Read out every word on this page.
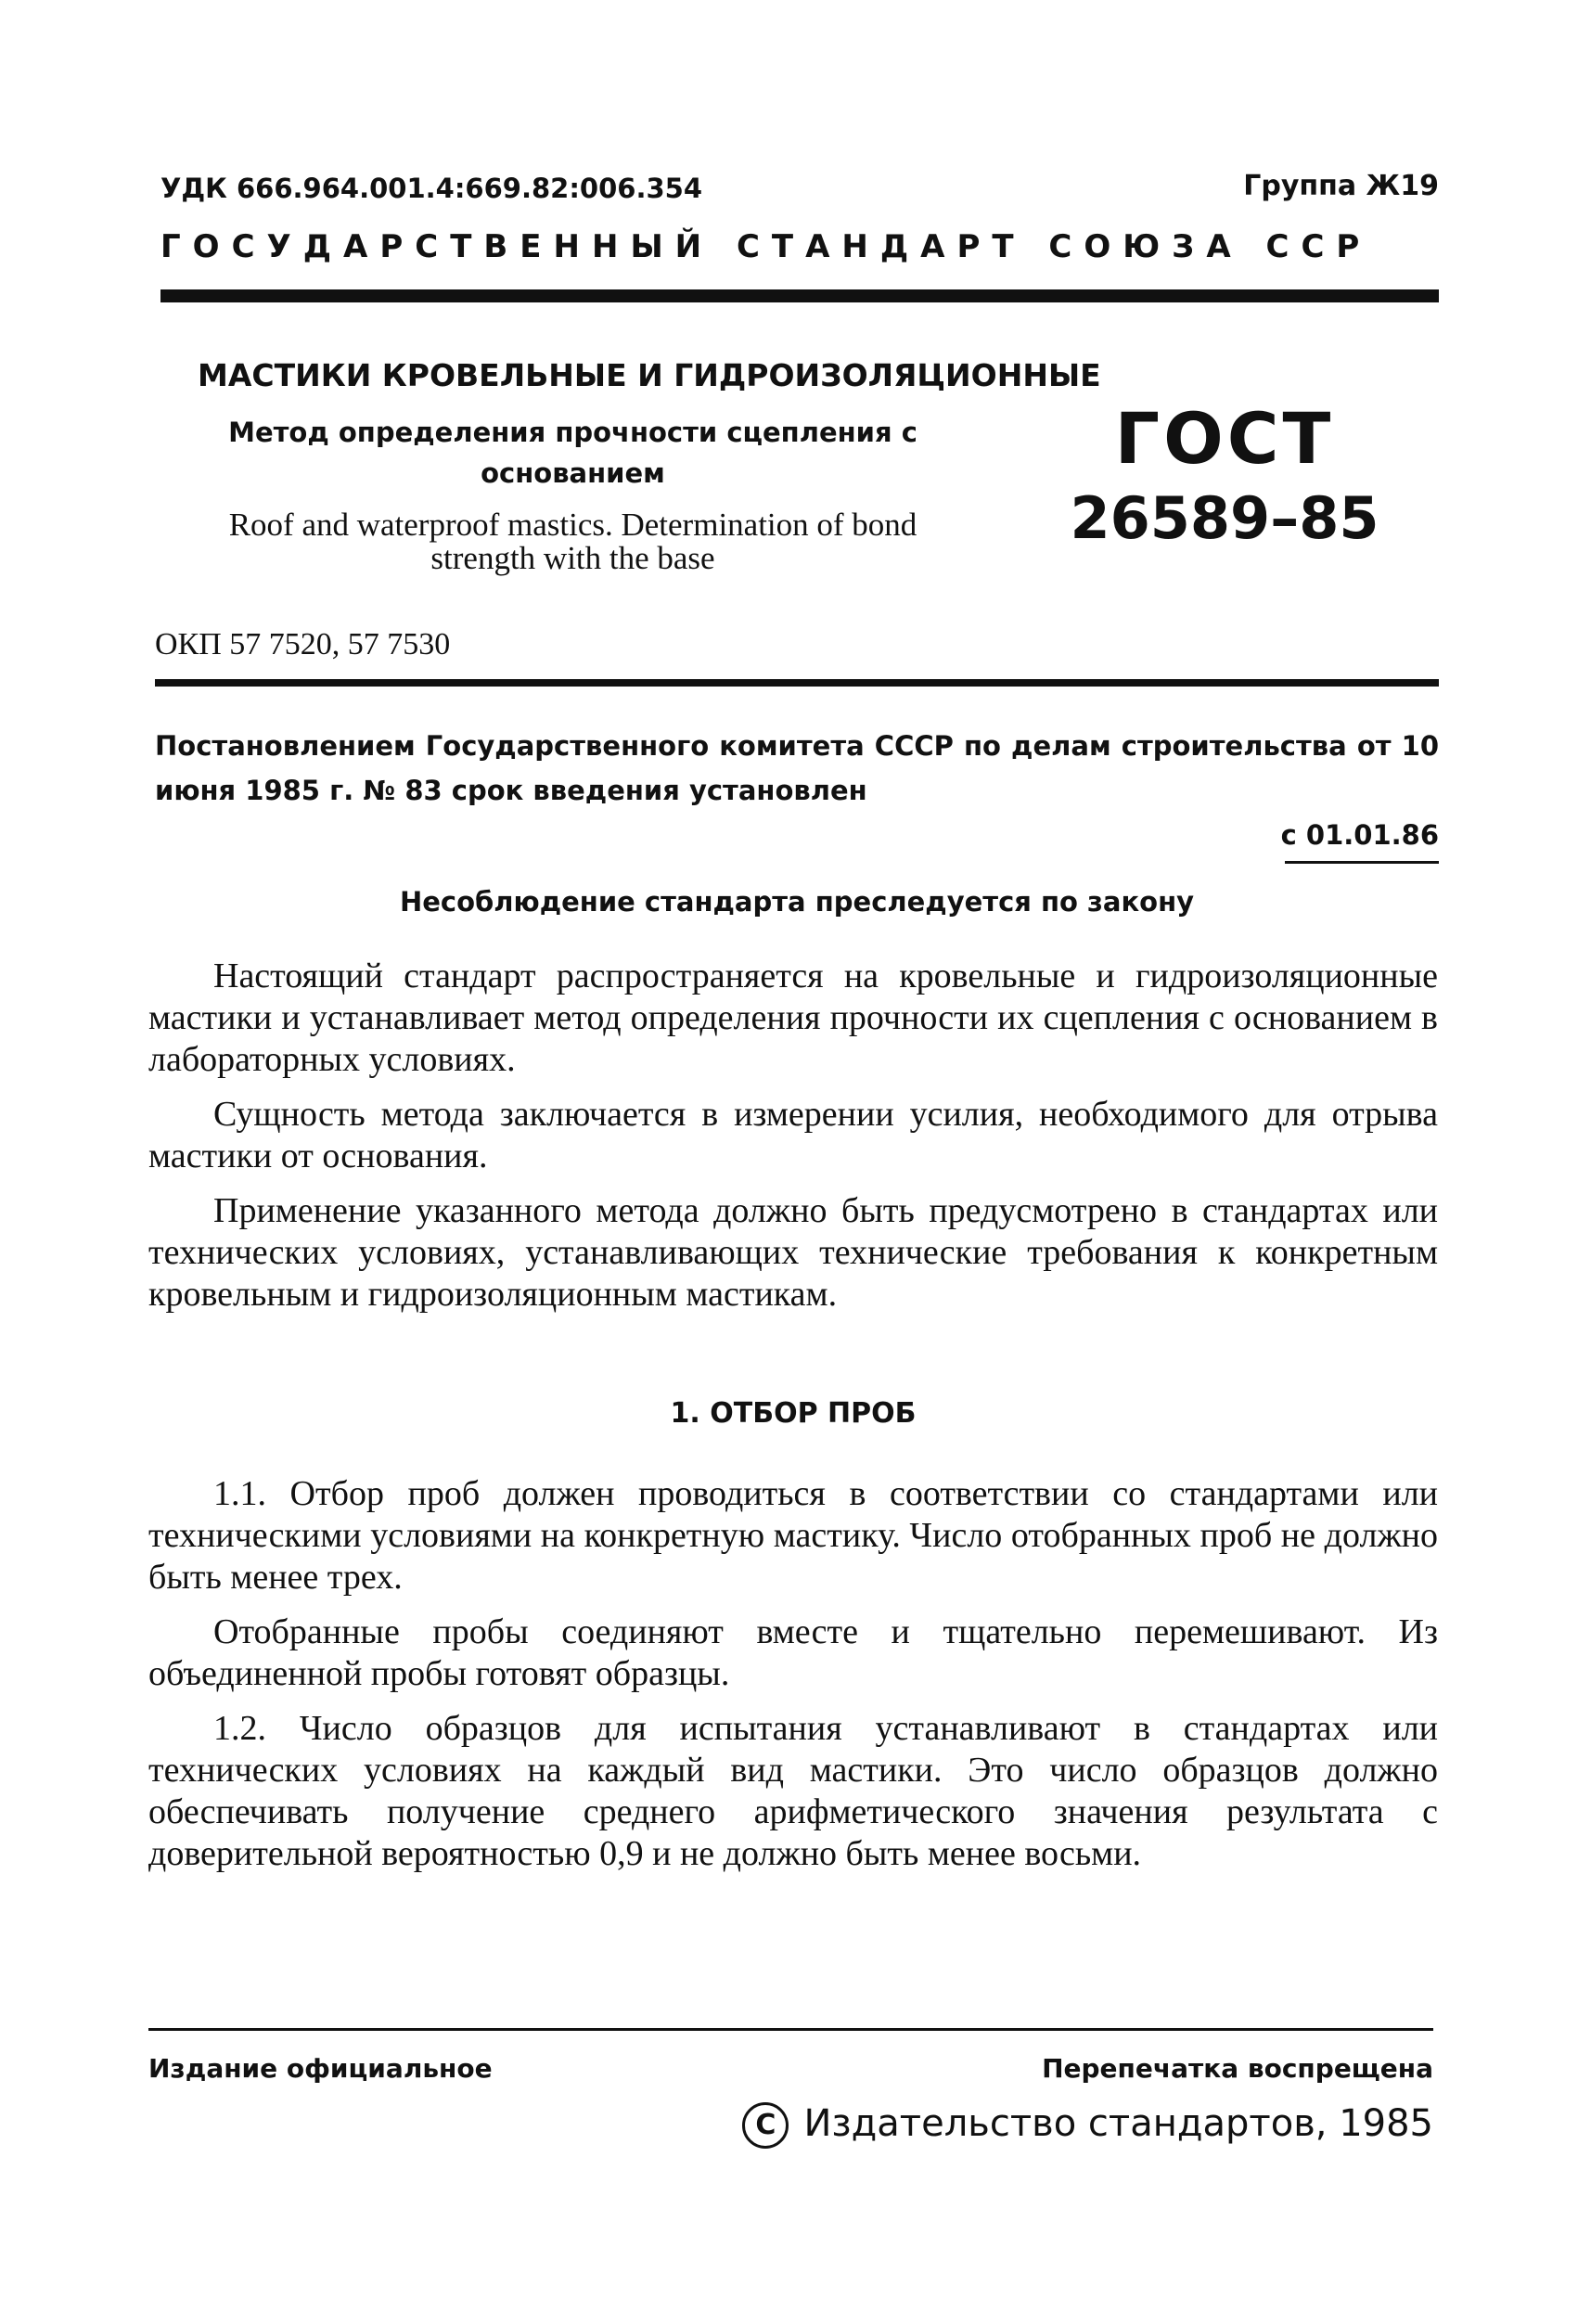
УДК 666.964.001.4:669.82:006.354	Группа Ж19
ГОСУДАРСТВЕННЫЙ СТАНДАРТ СОЮЗА ССР
МАСТИКИ КРОВЕЛЬНЫЕ И ГИДРОИЗОЛЯЦИОННЫЕ
Метод определения прочности сцепления с основанием
Roof and waterproof mastics. Determination of bond strength with the base
ГОСТ
26589–85
ОКП 57 7520, 57 7530
Постановлением Государственного комитета СССР по делам строительства от 10 июня 1985 г. № 83 срок введения установлен
с 01.01.86
Несоблюдение стандарта преследуется по закону

Настоящий стандарт распространяется на кровельные и гидроизоляционные мастики и устанавливает метод определения прочности их сцепления с основанием в лабораторных условиях.

Сущность метода заключается в измерении усилия, необходимого для отрыва мастики от основания.

Применение указанного метода должно быть предусмотрено в стандартах или технических условиях, устанавливающих технические требования к конкретным кровельным и гидроизоляционным мастикам.

1. ОТБОР ПРОБ

1.1. Отбор проб должен проводиться в соответствии со стандартами или техническими условиями на конкретную мастику. Число отобранных проб не должно быть менее трех.

Отобранные пробы соединяют вместе и тщательно перемешивают. Из объединенной пробы готовят образцы.

1.2. Число образцов для испытания устанавливают в стандартах или технических условиях на каждый вид мастики. Это число образцов должно обеспечивать получение среднего арифметического значения результата с доверительной вероятностью 0,9 и не должно быть менее восьми.

Издание официальное	Перепечатка воспрещена
C Издательство стандартов, 1985
